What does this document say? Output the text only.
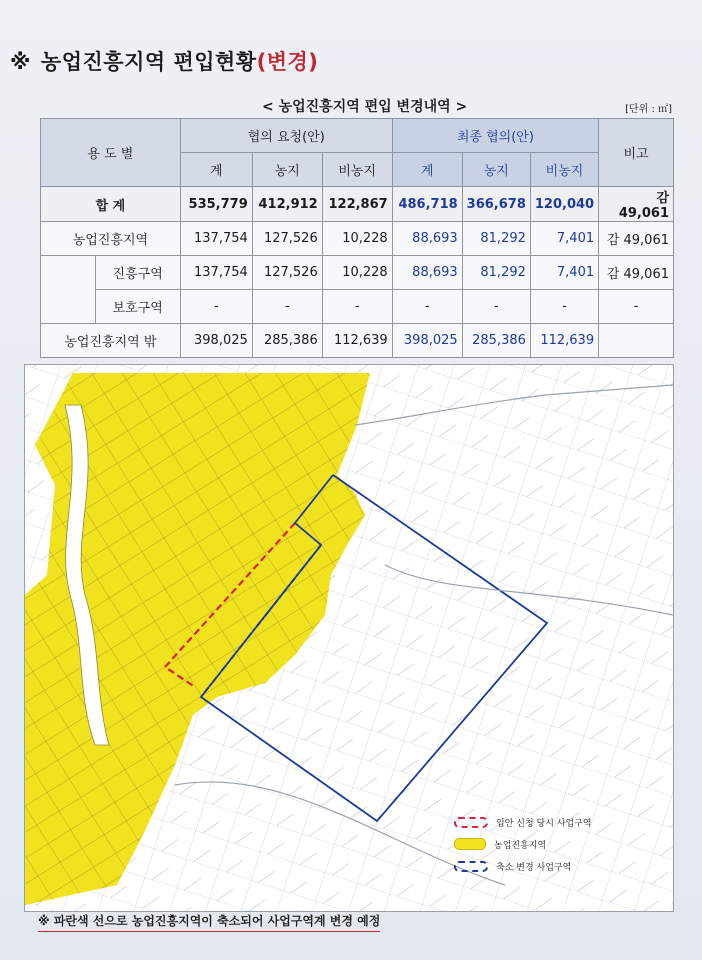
※ 농업진흥지역 편입현황(변경)
< 농업진흥지역 편입 변경내역 >	[단위 : ㎡]
용 도 별		협의 요청(안)			최종 협의(안)			비고
		계	농지	비농지	계	농지	비농지	
합 계		535,779	412,912	122,867	486,718	366,678	120,040	감 49,061
농업진흥지역		137,754	127,526	10,228	88,693	81,292	7,401	감 49,061
	진흥구역	137,754	127,526	10,228	88,693	81,292	7,401	감 49,061
	보호구역	-	-	-	-	-	-	-
농업진흥지역 밖		398,025	285,386	112,639	398,025	285,386	112,639	
입안 신청 당시 사업구역
농업진흥지역
축소 변경 사업구역
※ 파란색 선으로 농업진흥지역이 축소되어 사업구역계 변경 예정
